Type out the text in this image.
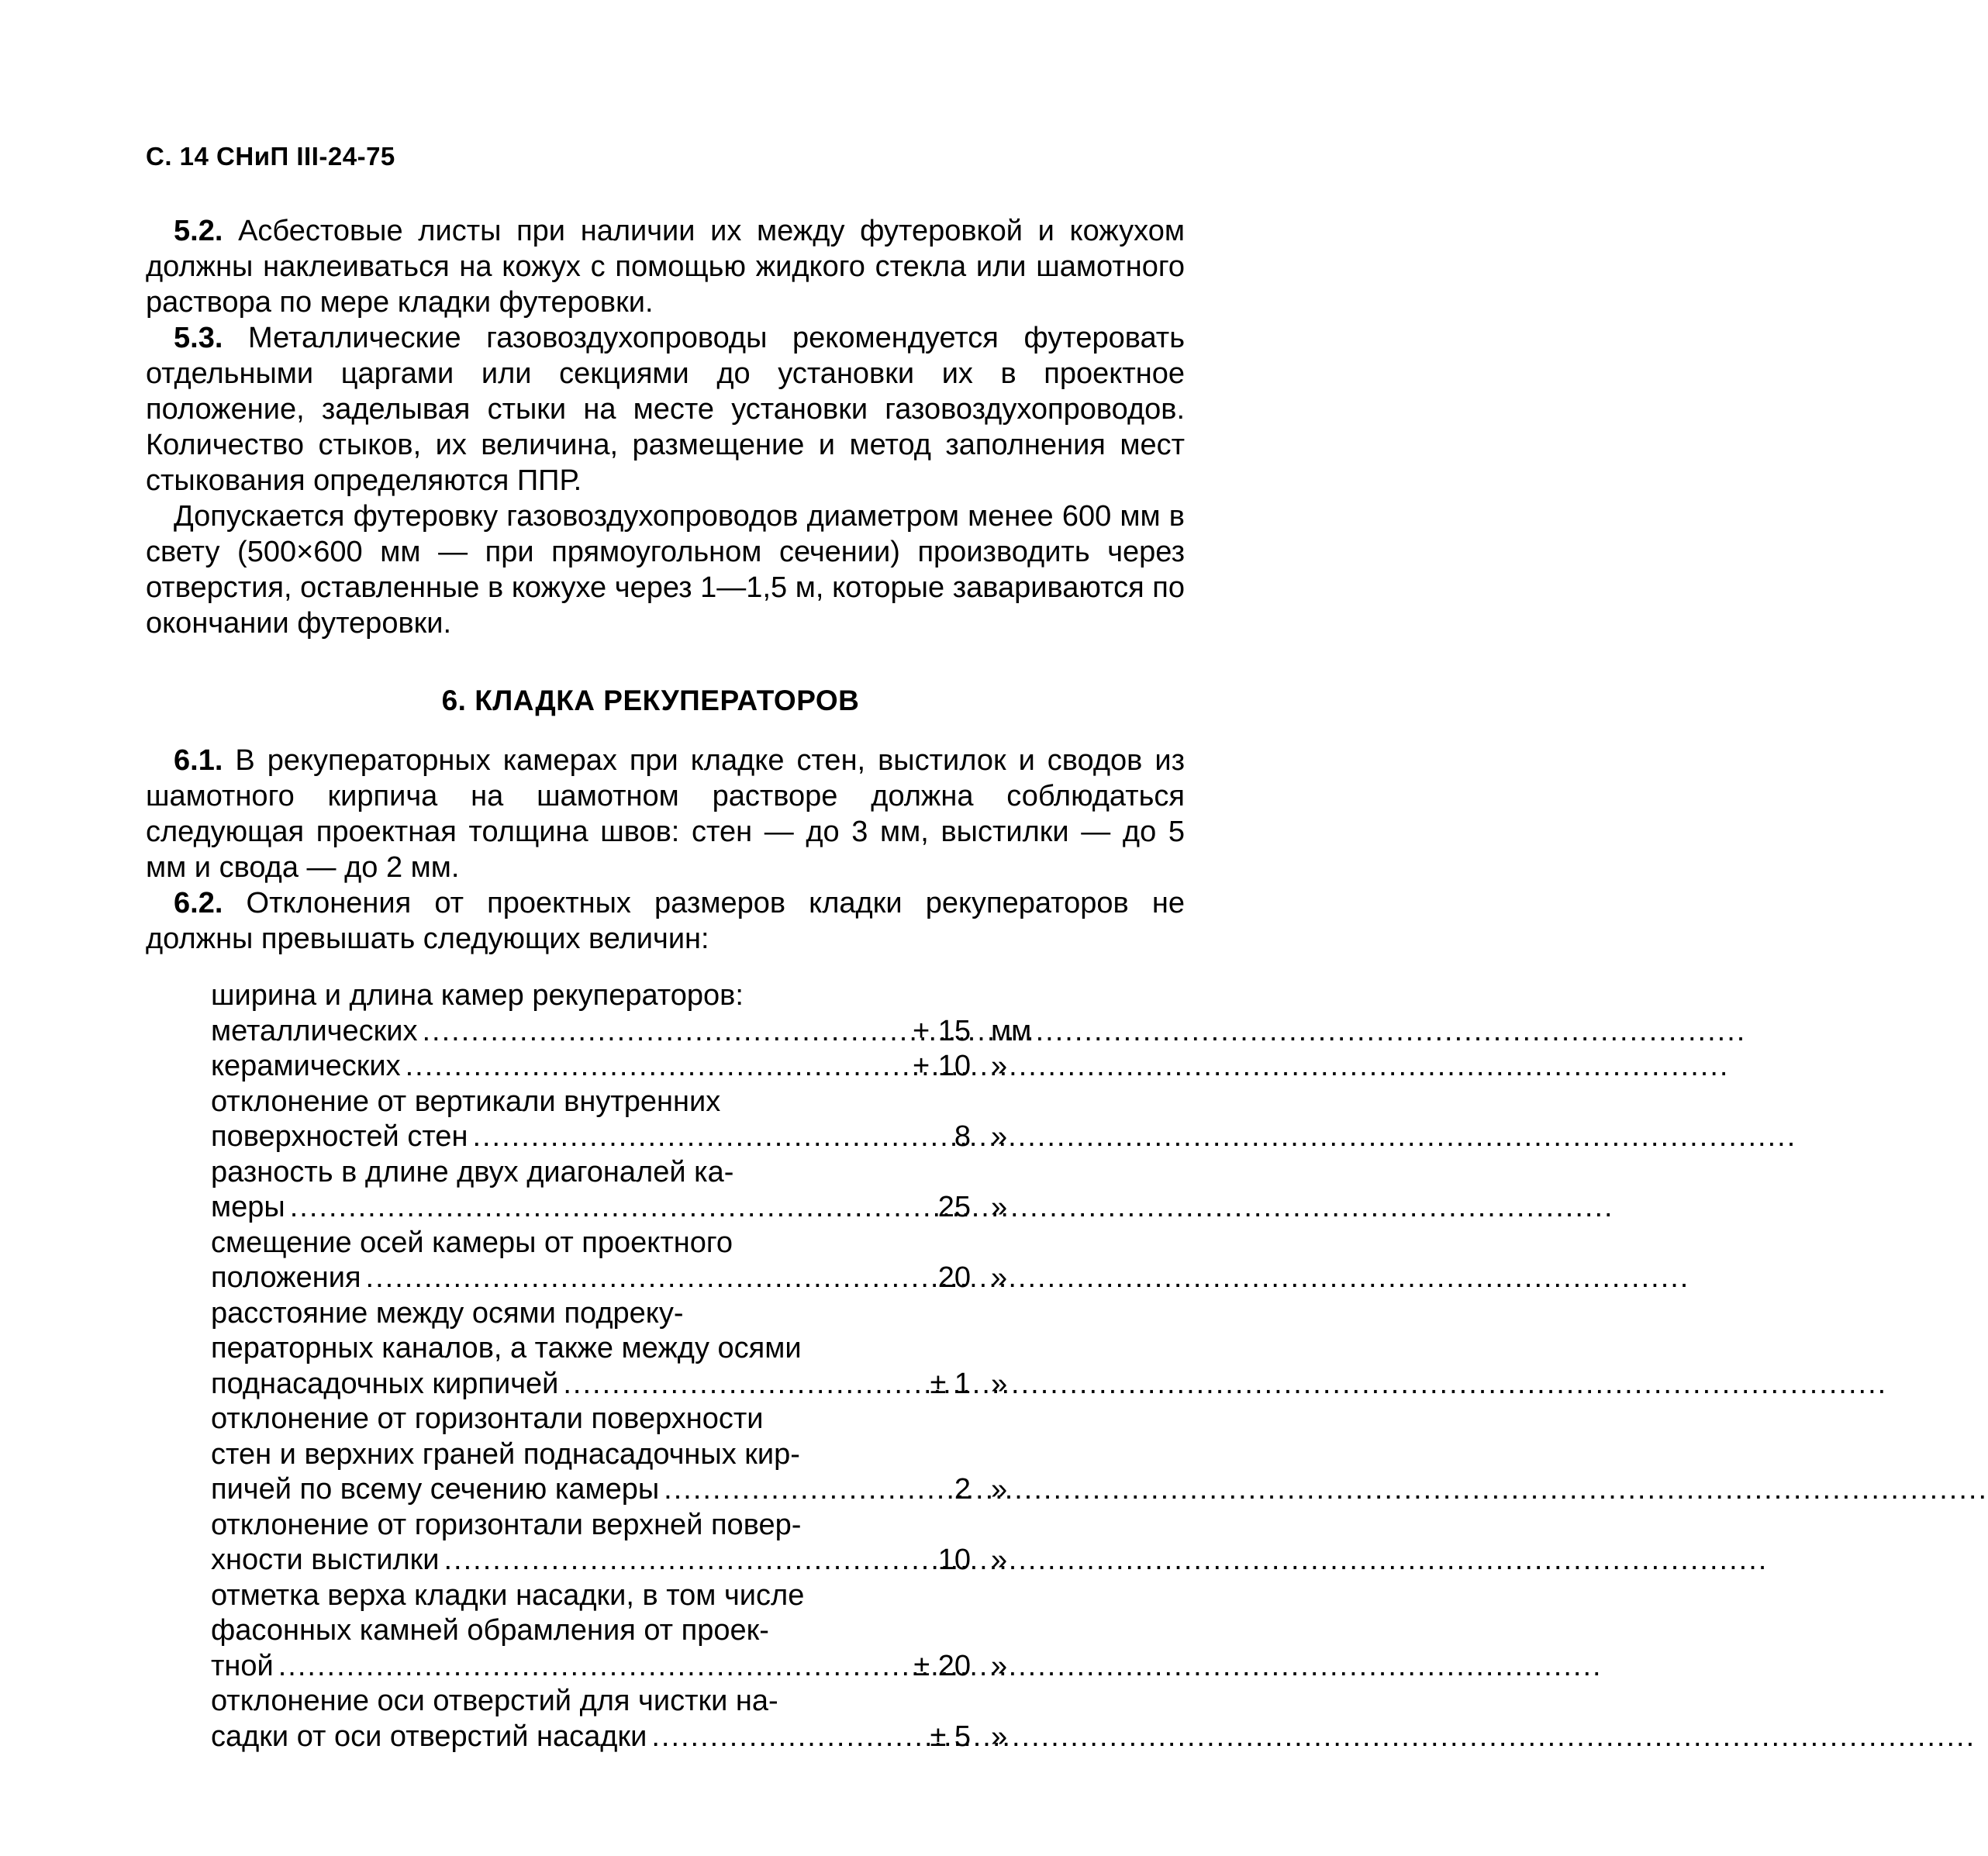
С. 14 СНиП III-24-75

5.2. Асбестовые листы при наличии их между футеровкой и кожухом должны наклеиваться на кожух с помощью жидкого стекла или шамотного раствора по мере кладки футеровки.

5.3. Металлические газовоздухопроводы рекомендуется футеровать отдельными царгами или секциями до установки их в проектное положение, заделывая стыки на месте установки газовоздухопроводов. Количество стыков, их величина, размещение и метод заполнения мест стыкования определяются ППР.

Допускается футеровку газовоздухопроводов диаметром менее 600 мм в свету (500×600 мм — при прямоугольном сечении) производить через отверстия, оставленные в кожухе через 1—1,5 м, которые завариваются по окончании футеровки.

6. КЛАДКА РЕКУПЕРАТОРОВ

6.1. В рекуператорных камерах при кладке стен, выстилок и сводов из шамотного кирпича на шамотном растворе должна соблюдаться следующая проектная толщина швов: стен — до 3 мм, выстилки — до 5 мм и свода — до 2 мм.

6.2. Отклонения от проектных размеров кладки рекуператоров не должны превышать следующих величин:

ширина и длина камер рекуператоров:
металлических .....	+ 15 мм
керамических .....	+ 10 »
отклонение от вертикали внутренних
поверхностей стен .....	8 »
разность в длине двух диагоналей ка-
меры .....	25 »
смещение осей камеры от проектного
положения .....	20 »
расстояние между осями подреку-
ператорных каналов, а также между осями
поднасадочных кирпичей .....	± 1 »
отклонение от горизонтали поверхности
стен и верхних граней поднасадочных кир-
пичей по всему сечению камеры .....	2 »
отклонение от горизонтали верхней повер-
хности выстилки .....	10 »
отметка верха кладки насадки, в том числе
фасонных камней обрамления от проек-
тной .....	± 20 »
отклонение оси отверстий для чистки на-
садки от оси отверстий насадки .....	± 5 »
